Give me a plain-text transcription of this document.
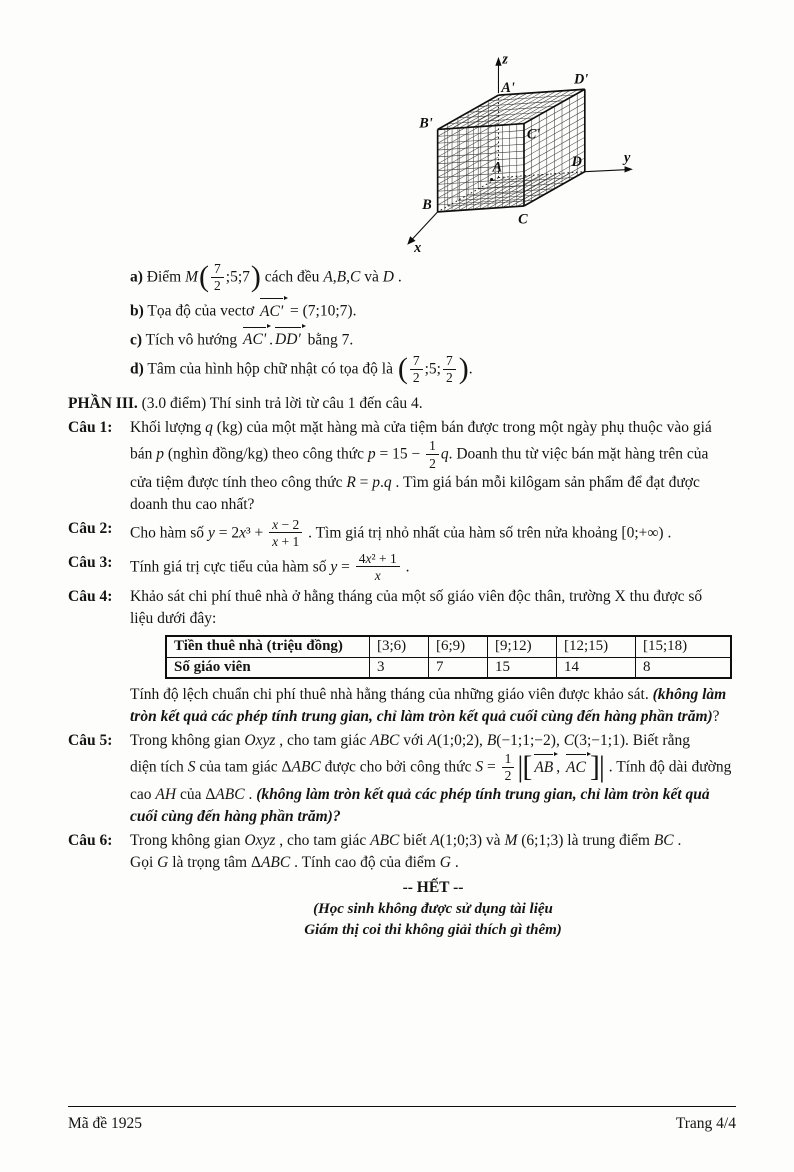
z
y
x
A'
D'
B'
C'
A	D
B
C
a) Điểm $M( \frac{7}{2}$ ;5;7) cách đều A,B,C và D .
b) Tọa độ của vectơ AC' = (7;10;7).
c) Tích vô hướng AC' . DD' bằng 7.
d) Tâm của hình hộp chữ nhật có tọa độ là ( $\frac{7}{2}$ ;5; $\frac{7}{2}$ ).
PHẦN III. (3.0 điểm) Thí sinh trả lời từ câu 1 đến câu 4.
Câu 1: Khối lượng q (kg) của một mặt hàng mà cửa tiệm bán được trong một ngày phụ thuộc vào giá
bán p (nghìn đồng/kg) theo công thức $p = 15 - \frac{1}{2} q$. Doanh thu từ việc bán mặt hàng trên của
cửa tiệm được tính theo công thức R = p.q . Tìm giá bán mỗi kilôgam sản phẩm để đạt được
doanh thu cao nhất?
Câu 2: Cho hàm số $y = 2x^3 + \frac{x - 2}{x + 1}$ . Tìm giá trị nhỏ nhất của hàm số trên nửa khoảng [0;+∞) .
Câu 3: Tính giá trị cực tiểu của hàm số $y = \frac{\text{4x² + 1}}{x}$ .
Câu 4: Khảo sát chi phí thuê nhà ở hằng tháng của một số giáo viên độc thân, trường X thu được số
liệu dưới đây:
Tiền thuê nhà (triệu đồng)	[3;6)	[6;9)	[9;12)	[12;15)	[15;18)
Số giáo viên	3	7	15	14	8
Tính độ lệch chuẩn chi phí thuê nhà hằng tháng của những giáo viên được khảo sát. (không làm
tròn kết quả các phép tính trung gian, chỉ làm tròn kết quả cuối cùng đến hàng phần trăm)?
Câu 5: Trong không gian Oxyz , cho tam giác ABC với A(1;0;2), B(−1;1;−2), C(3;−1;1). Biết rằng
diện tích S của tam giác ΔABC được cho bởi công thức $S = \frac{1}{2}$ |[ AB , AC ]| . Tính độ dài đường
cao AH của ΔABC . (không làm tròn kết quả các phép tính trung gian, chỉ làm tròn kết quả
cuối cùng đến hàng phần trăm)?
Câu 6: Trong không gian Oxyz , cho tam giác ABC biết A(1;0;3) và M (6;1;3) là trung điểm BC .
Gọi G là trọng tâm ΔABC . Tính cao độ của điểm G .
-- HẾT --
(Học sinh không được sử dụng tài liệu
Giám thị coi thi không giải thích gì thêm)
Mã đề 1925	Trang 4/4
